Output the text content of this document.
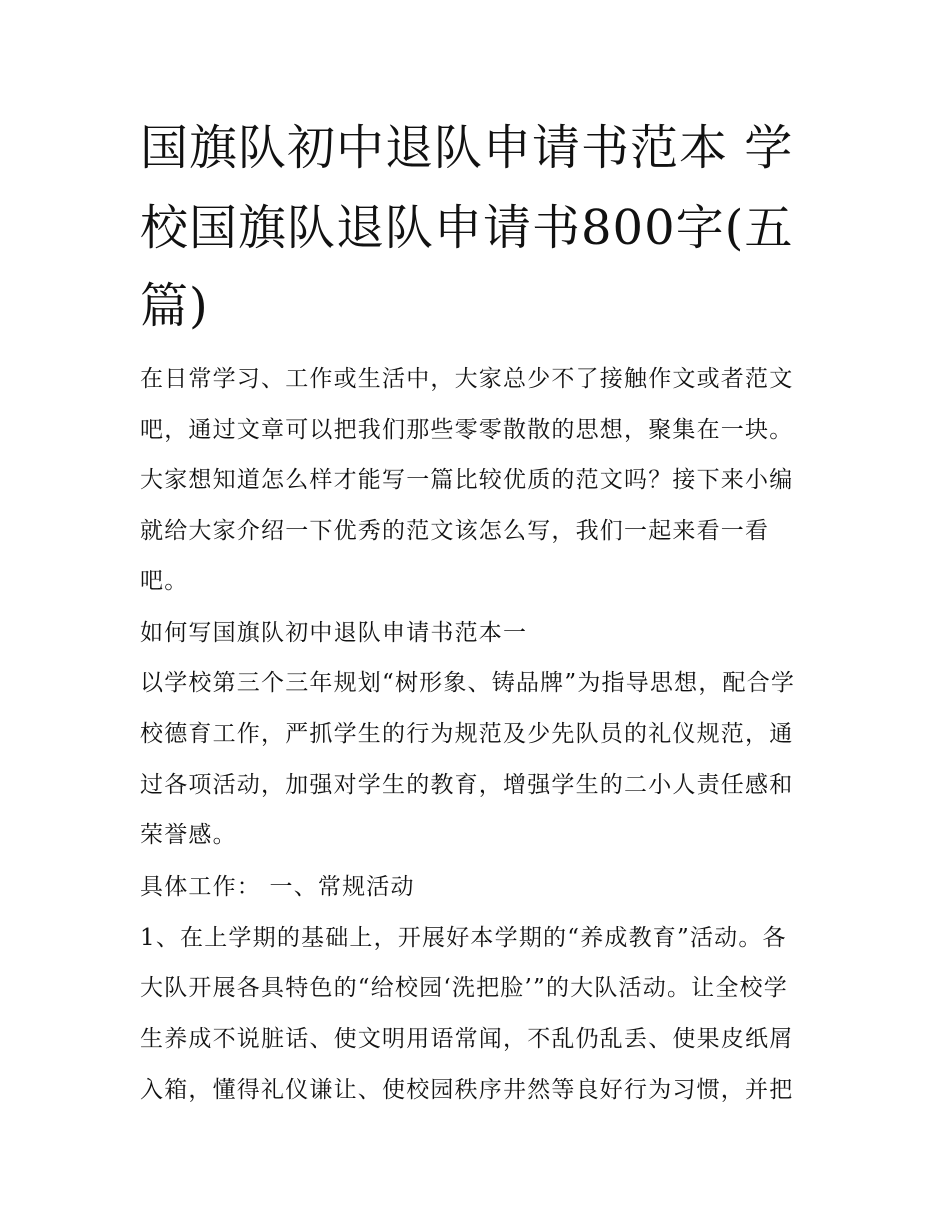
国旗队初中退队申请书范本 学
校国旗队退队申请书800字(五
篇)
在日常学习、工作或生活中，大家总少不了接触作文或者范文
吧，通过文章可以把我们那些零零散散的思想，聚集在一块。
大家想知道怎么样才能写一篇比较优质的范文吗？接下来小编
就给大家介绍一下优秀的范文该怎么写，我们一起来看一看
吧。
如何写国旗队初中退队申请书范本一
以学校第三个三年规划“树形象、铸品牌”为指导思想，配合学
校德育工作，严抓学生的行为规范及少先队员的礼仪规范，通
过各项活动，加强对学生的教育，增强学生的二小人责任感和
荣誉感。
具体工作： 一、常规活动
1、在上学期的基础上，开展好本学期的“养成教育”活动。各
大队开展各具特色的“给校园‘洗把脸’”的大队活动。让全校学
生养成不说脏话、使文明用语常闻，不乱仍乱丢、使果皮纸屑
入箱，懂得礼仪谦让、使校园秩序井然等良好行为习惯，并把
